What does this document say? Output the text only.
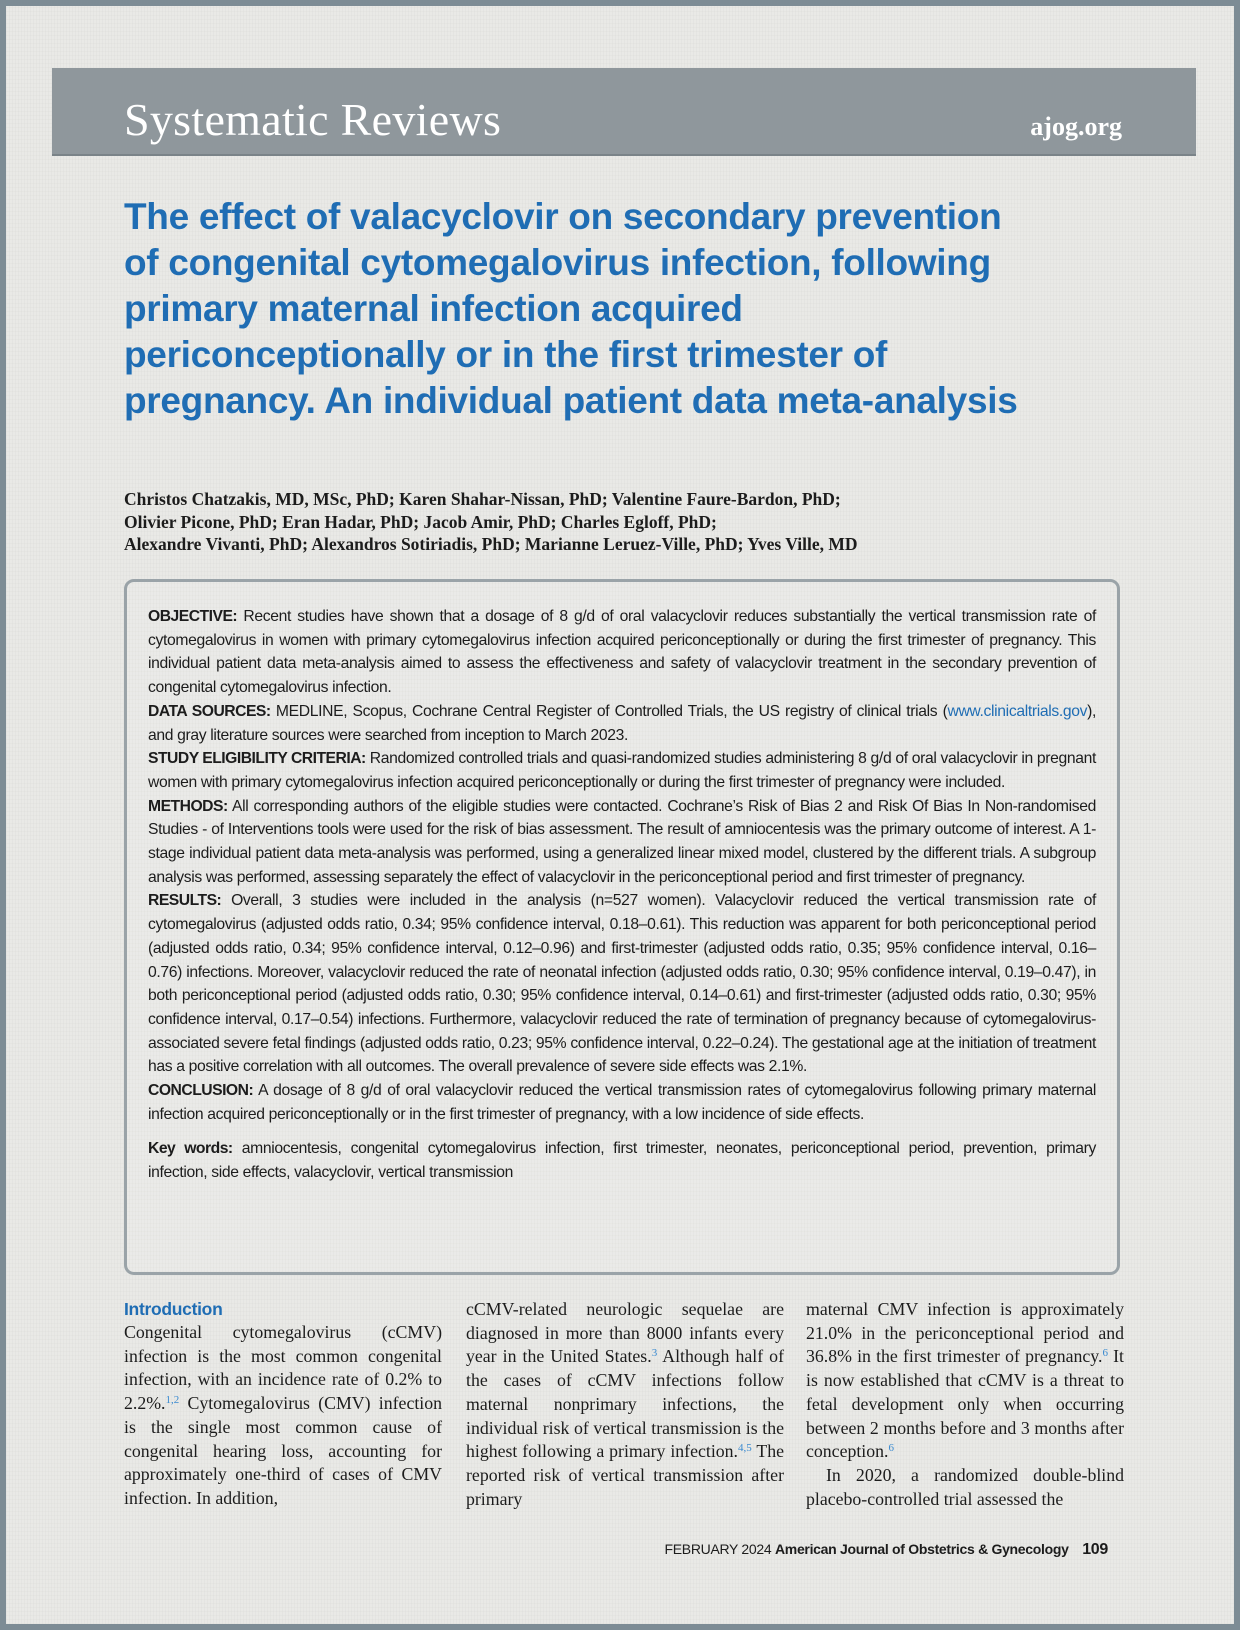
Systematic Reviews	ajog.org
The effect of valacyclovir on secondary prevention of congenital cytomegalovirus infection, following primary maternal infection acquired periconceptionally or in the first trimester of pregnancy. An individual patient data meta-analysis
Christos Chatzakis, MD, MSc, PhD; Karen Shahar-Nissan, PhD; Valentine Faure-Bardon, PhD;
Olivier Picone, PhD; Eran Hadar, PhD; Jacob Amir, PhD; Charles Egloff, PhD;
Alexandre Vivanti, PhD; Alexandros Sotiriadis, PhD; Marianne Leruez-Ville, PhD; Yves Ville, MD

OBJECTIVE: Recent studies have shown that a dosage of 8 g/d of oral valacyclovir reduces substantially the vertical transmission rate of cytomegalovirus in women with primary cytomegalovirus infection acquired periconceptionally or during the first trimester of pregnancy. This individual patient data meta-analysis aimed to assess the effectiveness and safety of valacyclovir treatment in the secondary prevention of congenital cytomegalovirus infection.

DATA SOURCES: MEDLINE, Scopus, Cochrane Central Register of Controlled Trials, the US registry of clinical trials (www.clinicaltrials.gov), and gray literature sources were searched from inception to March 2023.

STUDY ELIGIBILITY CRITERIA: Randomized controlled trials and quasi-randomized studies administering 8 g/d of oral valacyclovir in pregnant women with primary cytomegalovirus infection acquired periconceptionally or during the first trimester of pregnancy were included.

METHODS: All corresponding authors of the eligible studies were contacted. Cochrane’s Risk of Bias 2 and Risk Of Bias In Non-randomised Studies - of Interventions tools were used for the risk of bias assessment. The result of amniocentesis was the primary outcome of interest. A 1-stage individual patient data meta-analysis was performed, using a generalized linear mixed model, clustered by the different trials. A subgroup analysis was performed, assessing separately the effect of valacyclovir in the periconceptional period and first trimester of pregnancy.

RESULTS: Overall, 3 studies were included in the analysis (n=527 women). Valacyclovir reduced the vertical transmission rate of cytomegalovirus (adjusted odds ratio, 0.34; 95% confidence interval, 0.18–0.61). This reduction was apparent for both periconceptional period (adjusted odds ratio, 0.34; 95% confidence interval, 0.12–0.96) and first-trimester (adjusted odds ratio, 0.35; 95% confidence interval, 0.16–0.76) infections. Moreover, valacyclovir reduced the rate of neonatal infection (adjusted odds ratio, 0.30; 95% confidence interval, 0.19–0.47), in both periconceptional period (adjusted odds ratio, 0.30; 95% confidence interval, 0.14–0.61) and first-trimester (adjusted odds ratio, 0.30; 95% confidence interval, 0.17–0.54) infections. Furthermore, valacyclovir reduced the rate of termination of pregnancy because of cytomegalovirus-associated severe fetal findings (adjusted odds ratio, 0.23; 95% confidence interval, 0.22–0.24). The gestational age at the initiation of treatment has a positive correlation with all outcomes. The overall prevalence of severe side effects was 2.1%.

CONCLUSION: A dosage of 8 g/d of oral valacyclovir reduced the vertical transmission rates of cytomegalovirus following primary maternal infection acquired periconceptionally or in the first trimester of pregnancy, with a low incidence of side effects.

Key words: amniocentesis, congenital cytomegalovirus infection, first trimester, neonates, periconceptional period, prevention, primary infection, side effects, valacyclovir, vertical transmission

Introduction

Congenital cytomegalovirus (cCMV) infection is the most common congenital infection, with an incidence rate of 0.2% to 2.2%.$^{1,2}$ Cytomegalovirus (CMV) infection is the single most common cause of congenital hearing loss, accounting for approximately one-third of cases of CMV infection. In addition,

cCMV-related neurologic sequelae are diagnosed in more than 8000 infants every year in the United States.$^3$ Although half of the cases of cCMV infections follow maternal nonprimary infections, the individual risk of vertical transmission is the highest following a primary infection.$^{4,5}$ The reported risk of vertical transmission after primary

maternal CMV infection is approximately 21.0% in the periconceptional period and 36.8% in the first trimester of pregnancy.$^6$ It is now established that cCMV is a threat to fetal development only when occurring between 2 months before and 3 months after conception.$^6$

In 2020, a randomized double-blind placebo-controlled trial assessed the

FEBRUARY 2024 American Journal of Obstetrics & Gynecology 109
